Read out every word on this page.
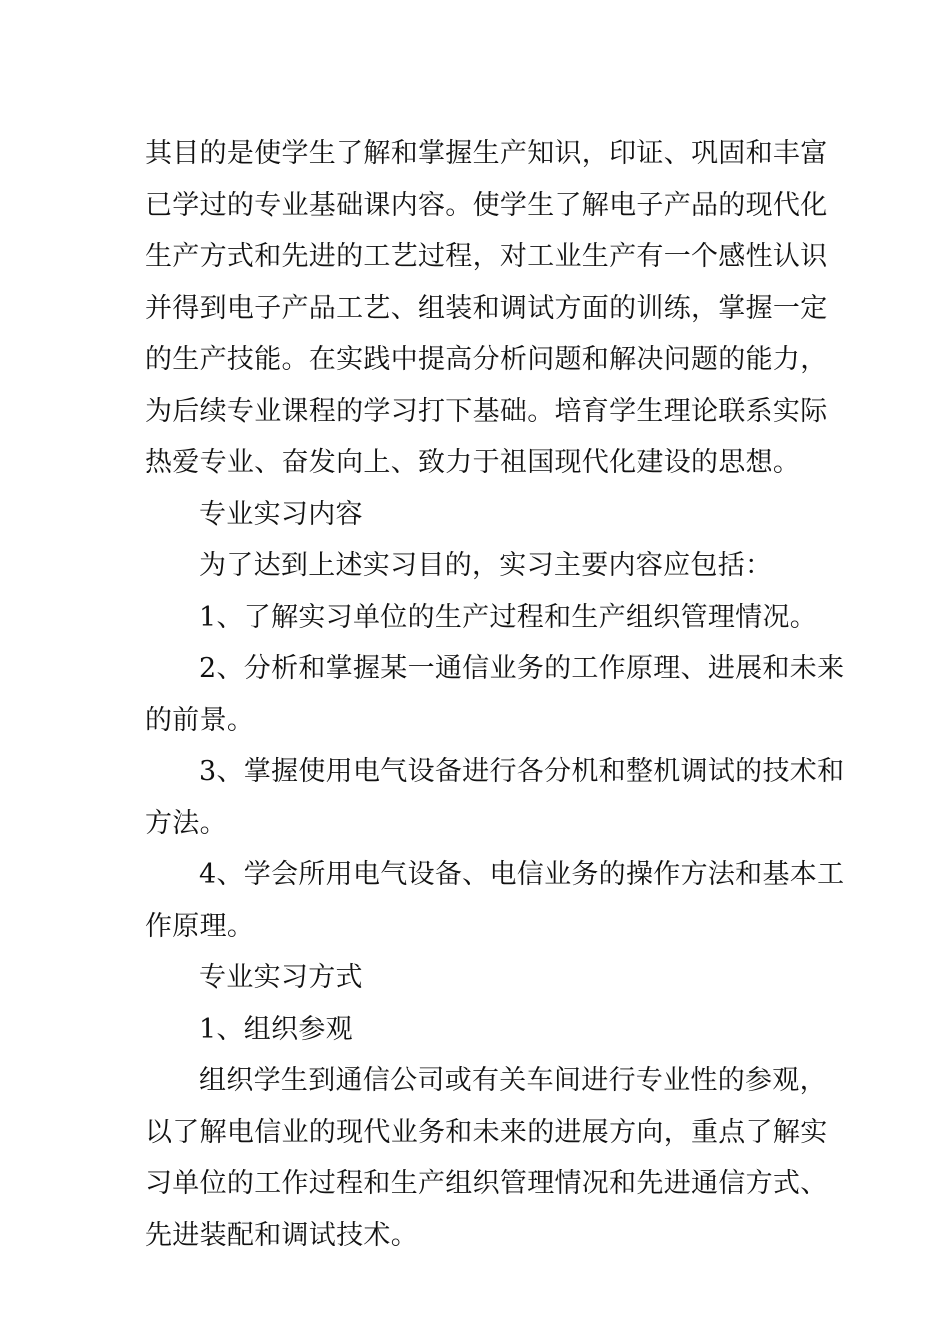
其目的是使学生了解和掌握生产知识，印证、巩固和丰富
已学过的专业基础课内容。使学生了解电子产品的现代化
生产方式和先进的工艺过程，对工业生产有一个感性认识
并得到电子产品工艺、组装和调试方面的训练，掌握一定
的生产技能。在实践中提高分析问题和解决问题的能力，
为后续专业课程的学习打下基础。培育学生理论联系实际
热爱专业、奋发向上、致力于祖国现代化建设的思想。
专业实习内容
为了达到上述实习目的，实习主要内容应包括：
1、了解实习单位的生产过程和生产组织管理情况。
2、分析和掌握某一通信业务的工作原理、进展和未来
的前景。
3、掌握使用电气设备进行各分机和整机调试的技术和
方法。
4、学会所用电气设备、电信业务的操作方法和基本工
作原理。
专业实习方式
1、组织参观
组织学生到通信公司或有关车间进行专业性的参观，
以了解电信业的现代业务和未来的进展方向，重点了解实
习单位的工作过程和生产组织管理情况和先进通信方式、
先进装配和调试技术。
